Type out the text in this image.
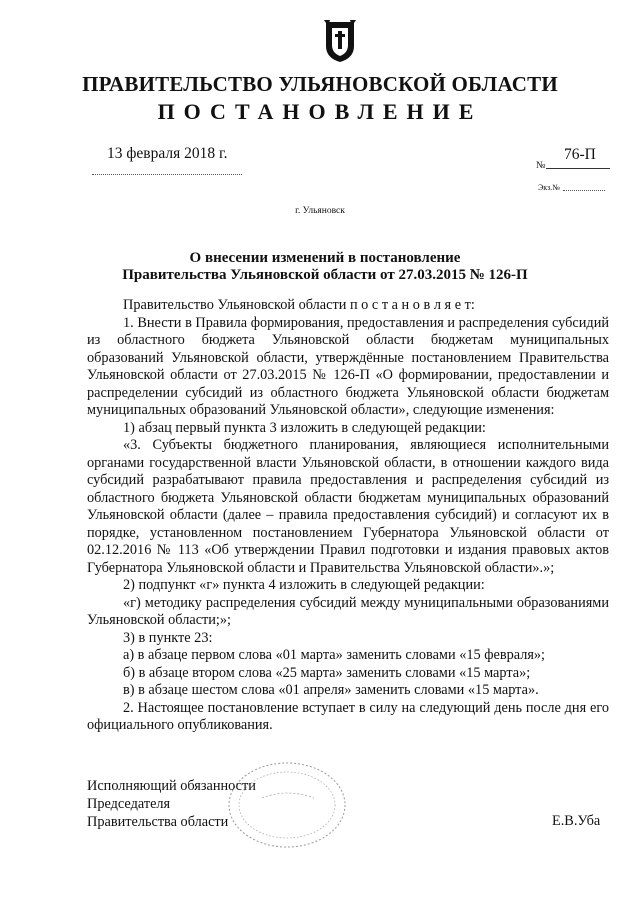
ПРАВИТЕЛЬСТВО УЛЬЯНОВСКОЙ ОБЛАСТИ
ПОСТАНОВЛЕНИЕ
13 февраля 2018 г.
№
76-П
Экз.№
г. Ульяновск
О внесении изменений в постановление
Правительства Ульяновской области от 27.03.2015 № 126-П

Правительство Ульяновской области п о с т а н о в л я е т:

1. Внести в Правила формирования, предоставления и распределения субсидий из областного бюджета Ульяновской области бюджетам муниципальных образований Ульяновской области, утверждённые постановлением Правительства Ульяновской области от 27.03.2015 № 126-П «О формировании, предоставлении и распределении субсидий из областного бюджета Ульяновской области бюджетам муниципальных образований Ульяновской области», следующие изменения:

1) абзац первый пункта 3 изложить в следующей редакции:

«3. Субъекты бюджетного планирования, являющиеся исполнительными органами государственной власти Ульяновской области, в отношении каждого вида субсидий разрабатывают правила предоставления и распределения субсидий из областного бюджета Ульяновской области бюджетам муниципальных образований Ульяновской области (далее – правила предоставления субсидий) и согласуют их в порядке, установленном постановлением Губернатора Ульяновской области от 02.12.2016 № 113 «Об утверждении Правил подготовки и издания правовых актов Губернатора Ульяновской области и Правительства Ульяновской области».»;

2) подпункт «г» пункта 4 изложить в следующей редакции:

«г) методику распределения субсидий между муниципальными образованиями Ульяновской области;»;

3) в пункте 23:

а) в абзаце первом слова «01 марта» заменить словами «15 февраля»;

б) в абзаце втором слова «25 марта» заменить словами «15 марта»;

в) в абзаце шестом слова «01 апреля» заменить словами «15 марта».

2. Настоящее постановление вступает в силу на следующий день после дня его официального опубликования.

Исполняющий обязанности
Председателя
Правительства области	Е.В.Уба
